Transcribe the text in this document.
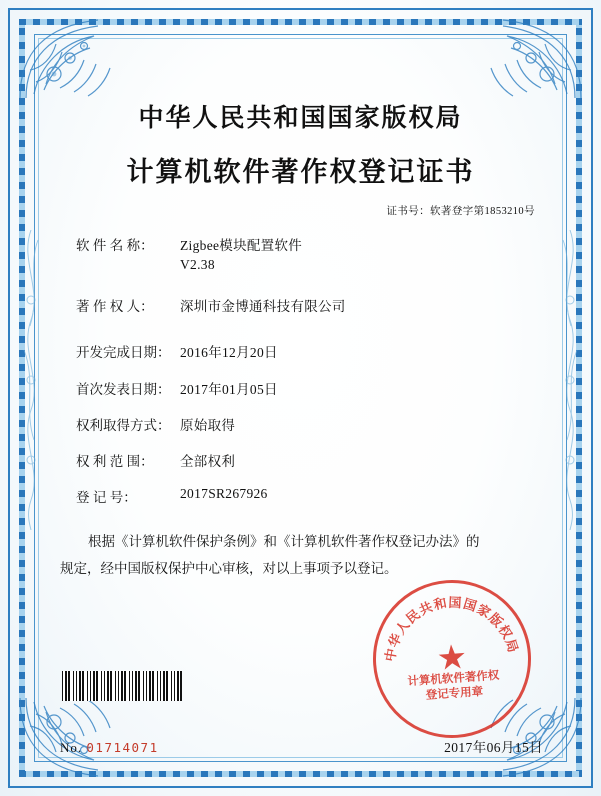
中华人民共和国国家版权局
计算机软件著作权登记证书
证书号：软著登字第1853210号
软 件 名 称：	Zigbee模块配置软件
V2.38
著 作 权 人：	深圳市金博通科技有限公司
开发完成日期： 2016年12月20日
首次发表日期： 2017年01月05日
权利取得方式： 原始取得
权 利 范 围：	全部权利
登 记 号：	2017SR267926
根据《计算机软件保护条例》和《计算机软件著作权登记办法》的
规定，经中国版权保护中心审核，对以上事项予以登记。
No. 01714071	2017年06月15日
中华人民共和国国家版权局
★
计算机软件著作权
登记专用章
